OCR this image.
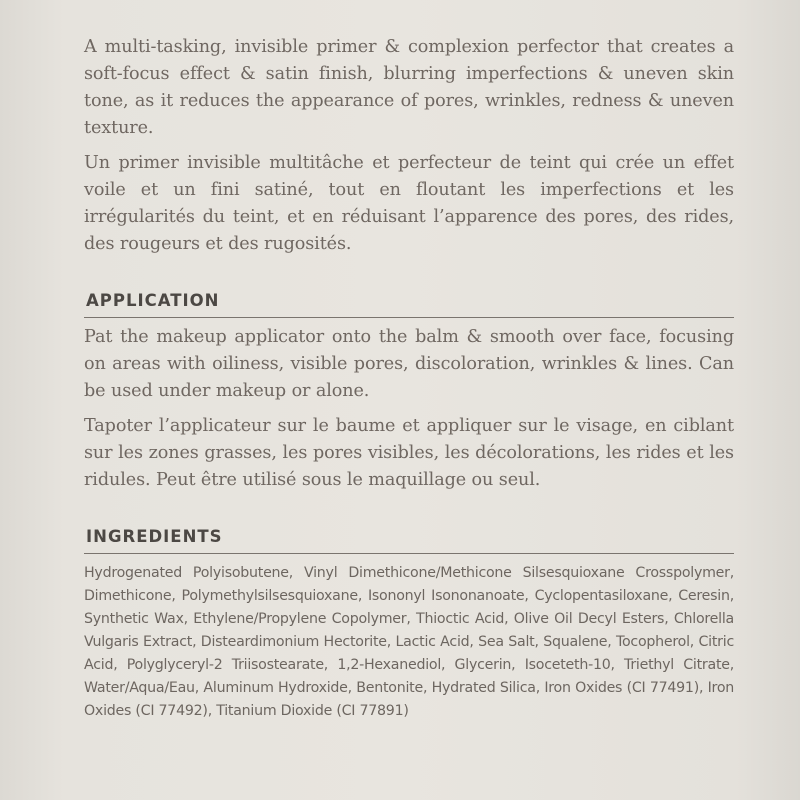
A multi-tasking, invisible primer & complexion perfector that creates a soft-focus effect & satin finish, blurring imperfections & uneven skin tone, as it reduces the appearance of pores, wrinkles, redness & uneven texture.

Un primer invisible multitâche et perfecteur de teint qui crée un effet voile et un fini satiné, tout en floutant les imperfections et les irrégularités du teint, et en réduisant l’apparence des pores, des rides, des rougeurs et des rugosités.

APPLICATION

Pat the makeup applicator onto the balm & smooth over face, focusing on areas with oiliness, visible pores, discoloration, wrinkles & lines. Can be used under makeup or alone.

Tapoter l’applicateur sur le baume et appliquer sur le visage, en ciblant sur les zones grasses, les pores visibles, les décolorations, les rides et les ridules. Peut être utilisé sous le maquillage ou seul.

INGREDIENTS

Hydrogenated Polyisobutene, Vinyl Dimethicone/Methicone Silsesquioxane Crosspolymer, Dimethicone, Polymethylsilsesquioxane, Isononyl Isononanoate, Cyclopentasiloxane, Ceresin, Synthetic Wax, Ethylene/Propylene Copolymer, Thioctic Acid, Olive Oil Decyl Esters, Chlorella Vulgaris Extract, Disteardimonium Hectorite, Lactic Acid, Sea Salt, Squalene, Tocopherol, Citric Acid, Polyglyceryl-2 Triisostearate, 1,2-Hexanediol, Glycerin, Isoceteth-10, Triethyl Citrate, Water/Aqua/Eau, Aluminum Hydroxide, Bentonite, Hydrated Silica, Iron Oxides (CI 77491), Iron Oxides (CI 77492), Titanium Dioxide (CI 77891)
